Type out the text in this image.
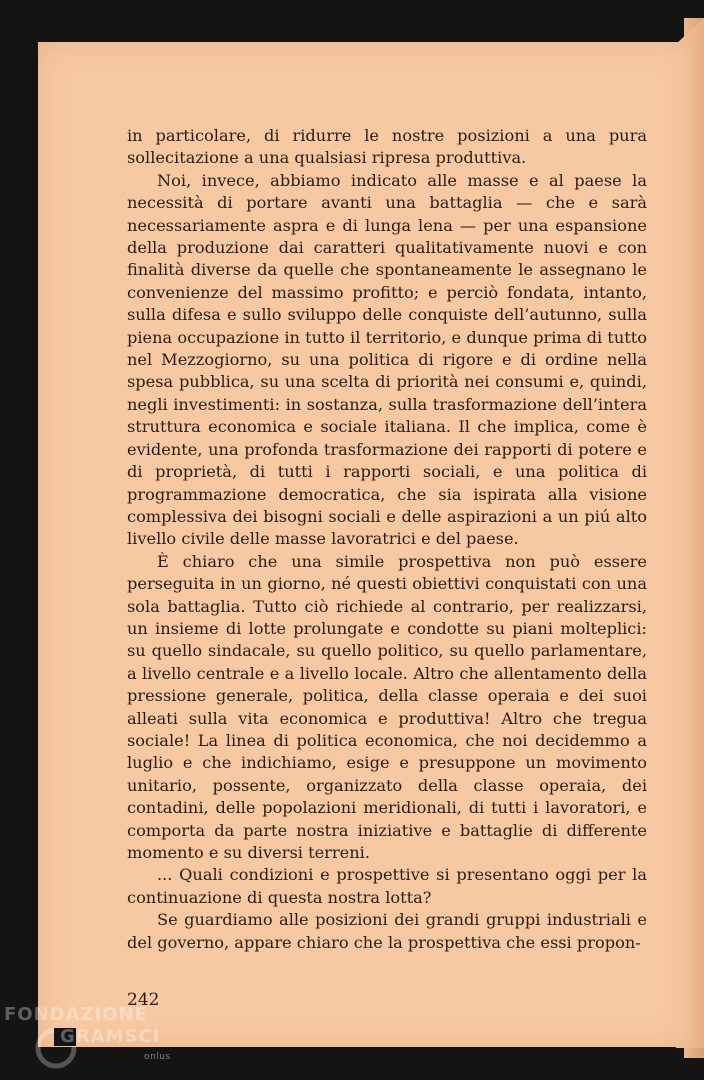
in particolare, di ridurre le nostre posizioni a una pura sollecitazione a una qualsiasi ripresa produttiva.

Noi, invece, abbiamo indicato alle masse e al paese la necessità di portare avanti una battaglia — che e sarà necessariamente aspra e di lunga lena — per una espansione della produzione dai caratteri qualitativamente nuovi e con finalità diverse da quelle che spontaneamente le assegnano le convenienze del massimo profitto; e perciò fondata, intanto, sulla difesa e sullo sviluppo delle conquiste dell’autunno, sulla piena occupazione in tutto il territorio, e dunque prima di tutto nel Mezzogiorno, su una politica di rigore e di ordine nella spesa pubblica, su una scelta di priorità nei consumi e, quindi, negli investimenti: in sostanza, sulla trasformazione dell’intera struttura economica e sociale italiana. Il che implica, come è evidente, una profonda trasformazione dei rapporti di potere e di proprietà, di tutti i rapporti sociali, e una politica di programmazione democratica, che sia ispirata alla visione complessiva dei bisogni sociali e delle aspirazioni a un piú alto livello civile delle masse lavoratrici e del paese.

È chiaro che una simile prospettiva non può essere perseguita in un giorno, né questi obiettivi conquistati con una sola battaglia. Tutto ciò richiede al contrario, per realizzarsi, un insieme di lotte prolungate e condotte su piani molteplici: su quello sindacale, su quello politico, su quello parlamentare, a livello centrale e a livello locale. Altro che allentamento della pressione generale, politica, della classe operaia e dei suoi alleati sulla vita economica e produttiva! Altro che tregua sociale! La linea di politica economica, che noi decidemmo a luglio e che indichiamo, esige e presuppone un movimento unitario, possente, organizzato della classe operaia, dei contadini, delle popolazioni meridionali, di tutti i lavoratori, e comporta da parte nostra iniziative e battaglie di differente momento e su diversi terreni.

... Quali condizioni e prospettive si presentano oggi per la continuazione di questa nostra lotta?

Se guardiamo alle posizioni dei grandi gruppi industriali e del governo, appare chiaro che la prospettiva che essi propon-

242
FONDAZIONE
GRAMSCI
onlus
